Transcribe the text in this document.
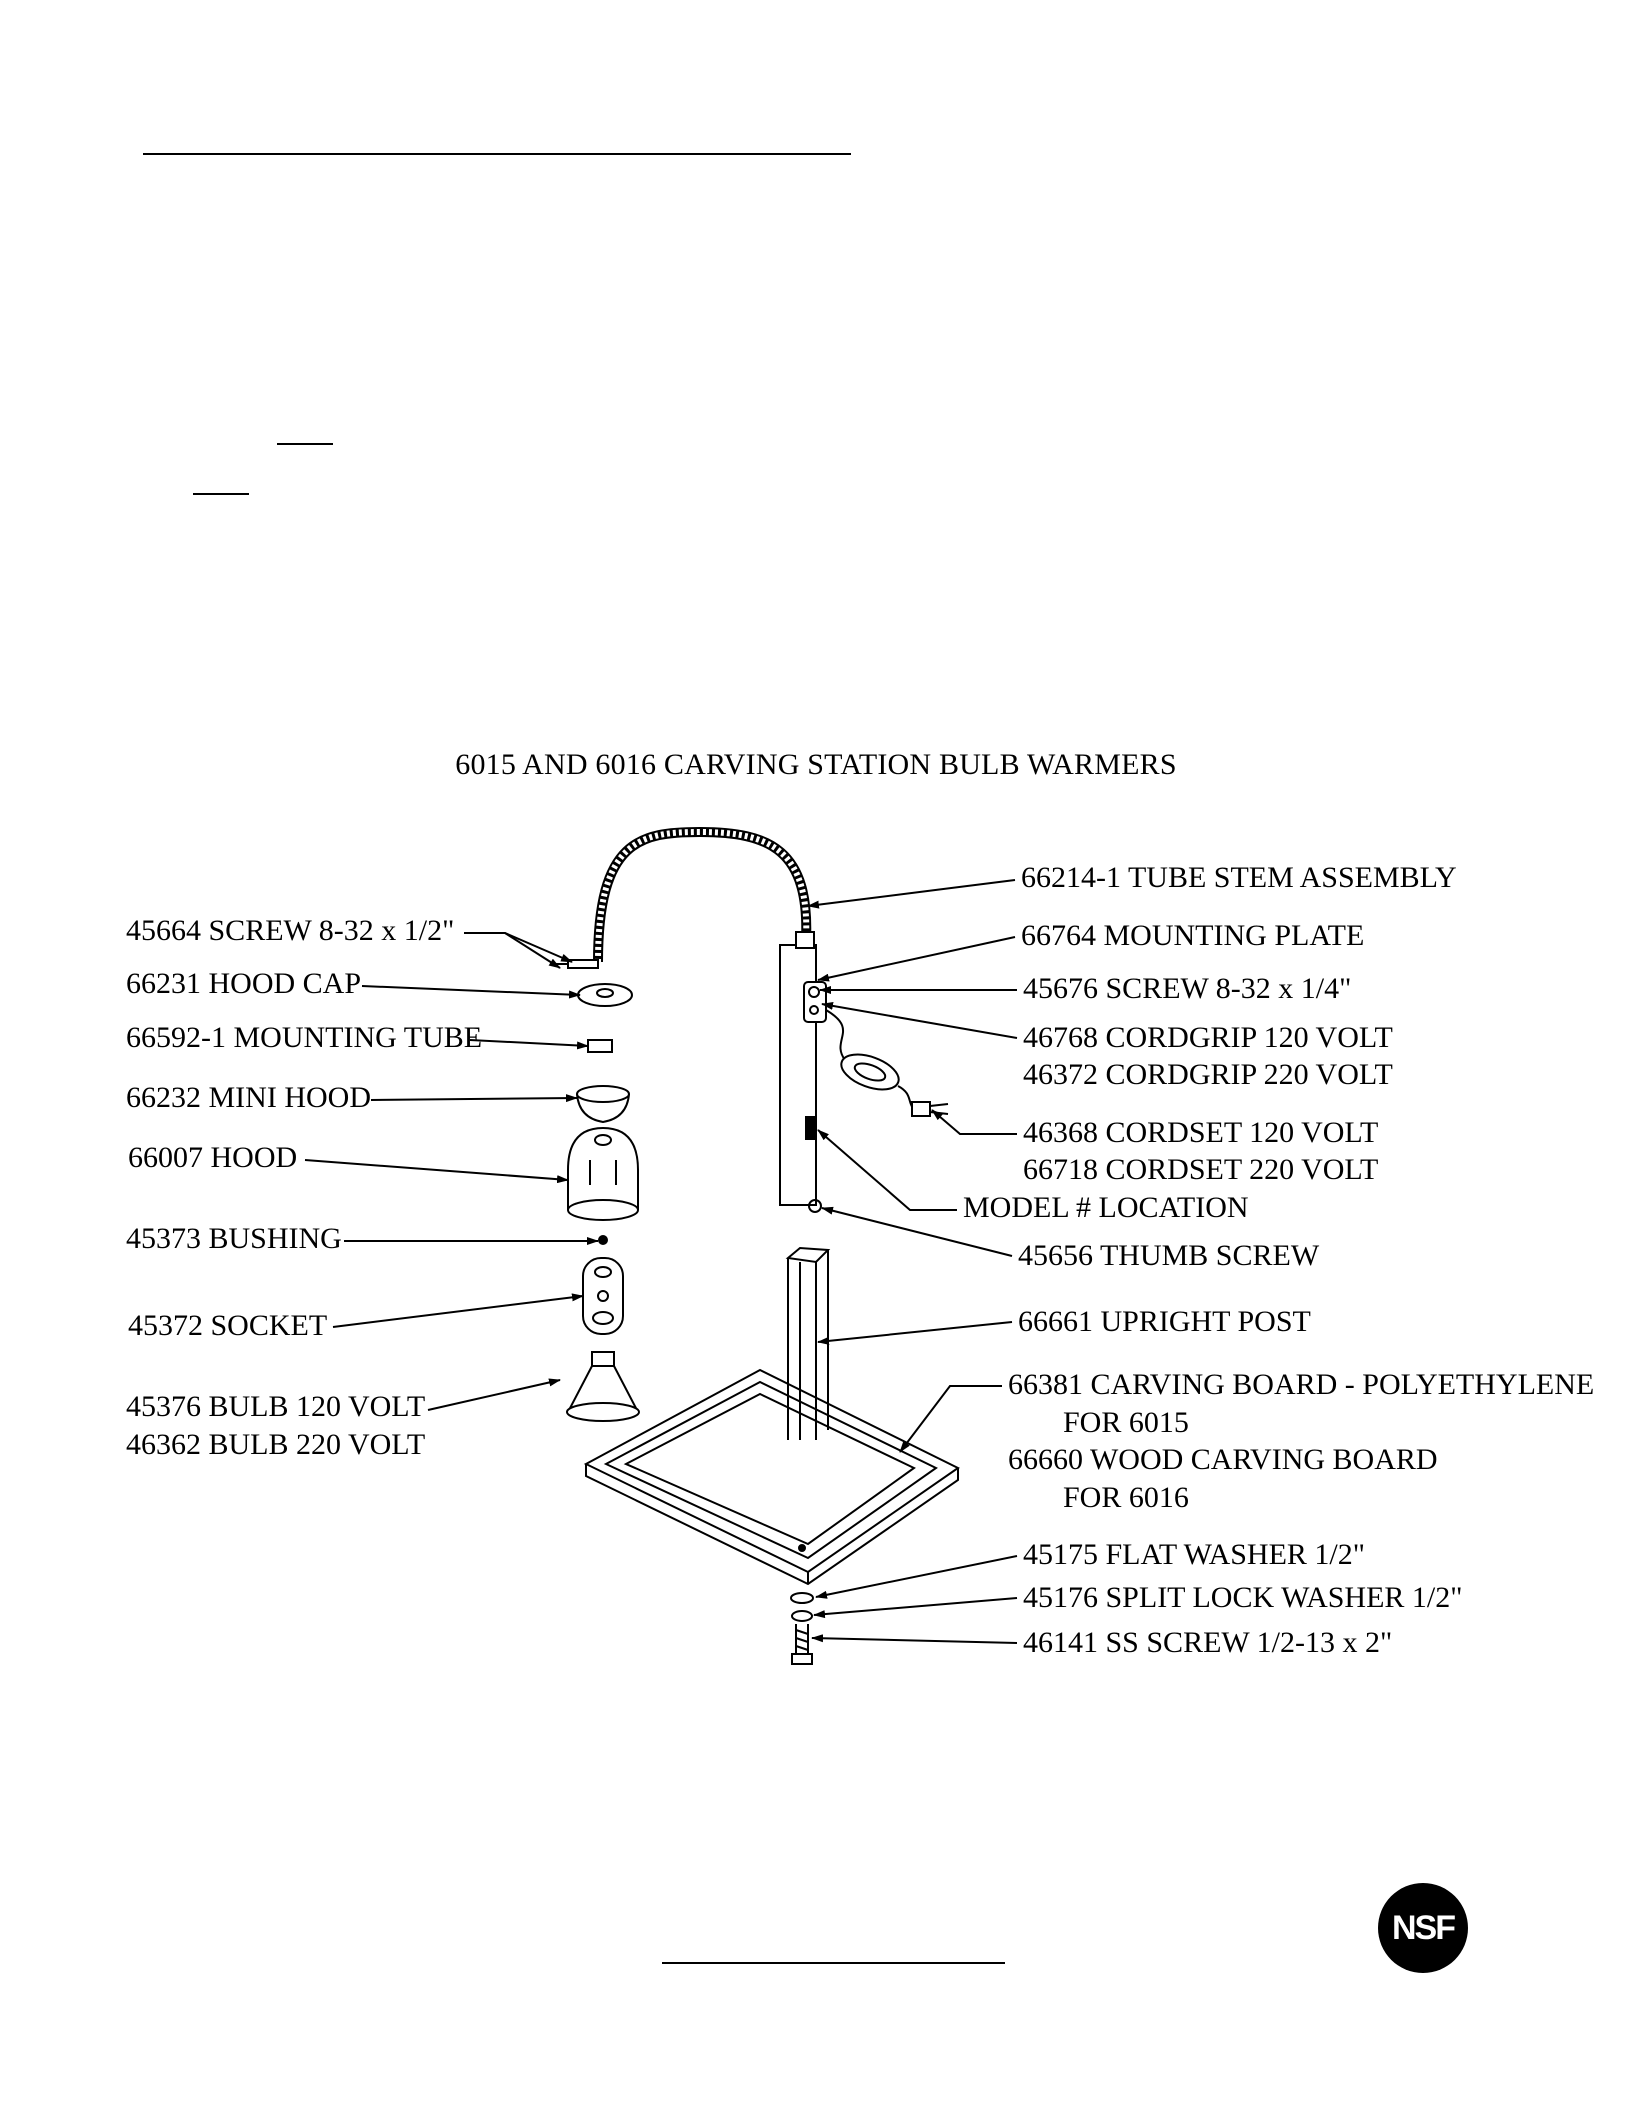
6015 AND 6016 CARVING STATION BULB WARMERS
45664 SCREW 8-32 x 1/2"
66231 HOOD CAP
66592-1 MOUNTING TUBE
66232 MINI HOOD
66007 HOOD
45373 BUSHING
45372 SOCKET
45376 BULB 120 VOLT
46362 BULB 220 VOLT
66214-1 TUBE STEM ASSEMBLY
66764 MOUNTING PLATE
45676 SCREW 8-32 x 1/4"
46768 CORDGRIP 120 VOLT
46372 CORDGRIP 220 VOLT
46368 CORDSET 120 VOLT
66718 CORDSET 220 VOLT
MODEL # LOCATION
45656 THUMB SCREW
66661 UPRIGHT POST
66381 CARVING BOARD - POLYETHYLENE
FOR 6015
66660 WOOD CARVING BOARD
FOR 6016
45175 FLAT WASHER 1/2"
45176 SPLIT LOCK WASHER 1/2"
46141 SS SCREW 1/2-13 x 2"
NSF
